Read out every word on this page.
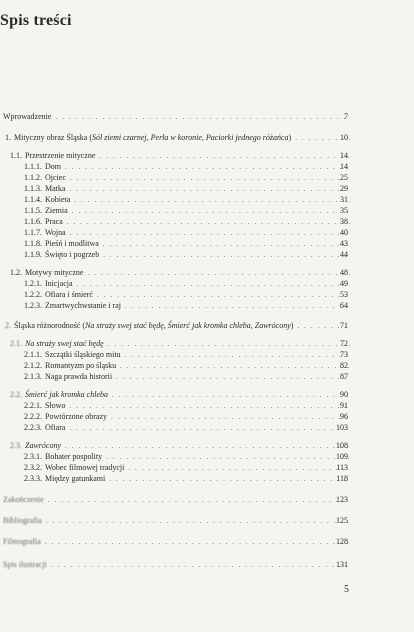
Spis treści
Wprowadzenie . . .	7
1. Mityczny obraz Śląska (Sól ziemi czarnej, Perła w koronie, Paciorki jednego różańca) . . .	10
1.1. Przestrzenie mityczne . . .	14
1.1.1. Dom . . .	14
1.1.2. Ojciec . . .	25
1.1.3. Matka . . .	29
1.1.4. Kobieta . . .	31
1.1.5. Ziemia . . .	35
1.1.6. Praca . . .	38
1.1.7. Wojna . . .	40
1.1.8. Pieśń i modlitwa . . .	43
1.1.9. Święto i pogrzeb . . .	44
1.2. Motywy mityczne . . .	48
1.2.1. Inicjacja . . .	49
1.2.2. Ofiara i śmierć . . .	53
1.2.3. Zmartwychwstanie i raj . . .	64
2. Śląska różnorodność (Na straży swej stać będę, Śmierć jak kromka chleba, Zawrócony) . . .	71
2.1. Na straży swej stać będę . . .	72
2.1.1. Szczątki śląskiego mitu . . .	73
2.1.2. Romantyzm po śląsku . . .	82
2.1.3. Naga prawda historii . . .	87
2.2. Śmierć jak kromka chleba . . .	90
2.2.1. Słowo . . .	91
2.2.2. Powtórzone obrazy . . .	96
2.2.3. Ofiara . . .	103
2.3. Zawrócony . . .	108
2.3.1. Bohater pospolity . . .	109
2.3.2. Wobec filmowej tradycji . . .	113
2.3.3. Między gatunkami . . .	118
Zakończenie . . .	123
Bibliografia . . .	125
Filmografia . . .	128
Spis ilustracji . . .	131
5
